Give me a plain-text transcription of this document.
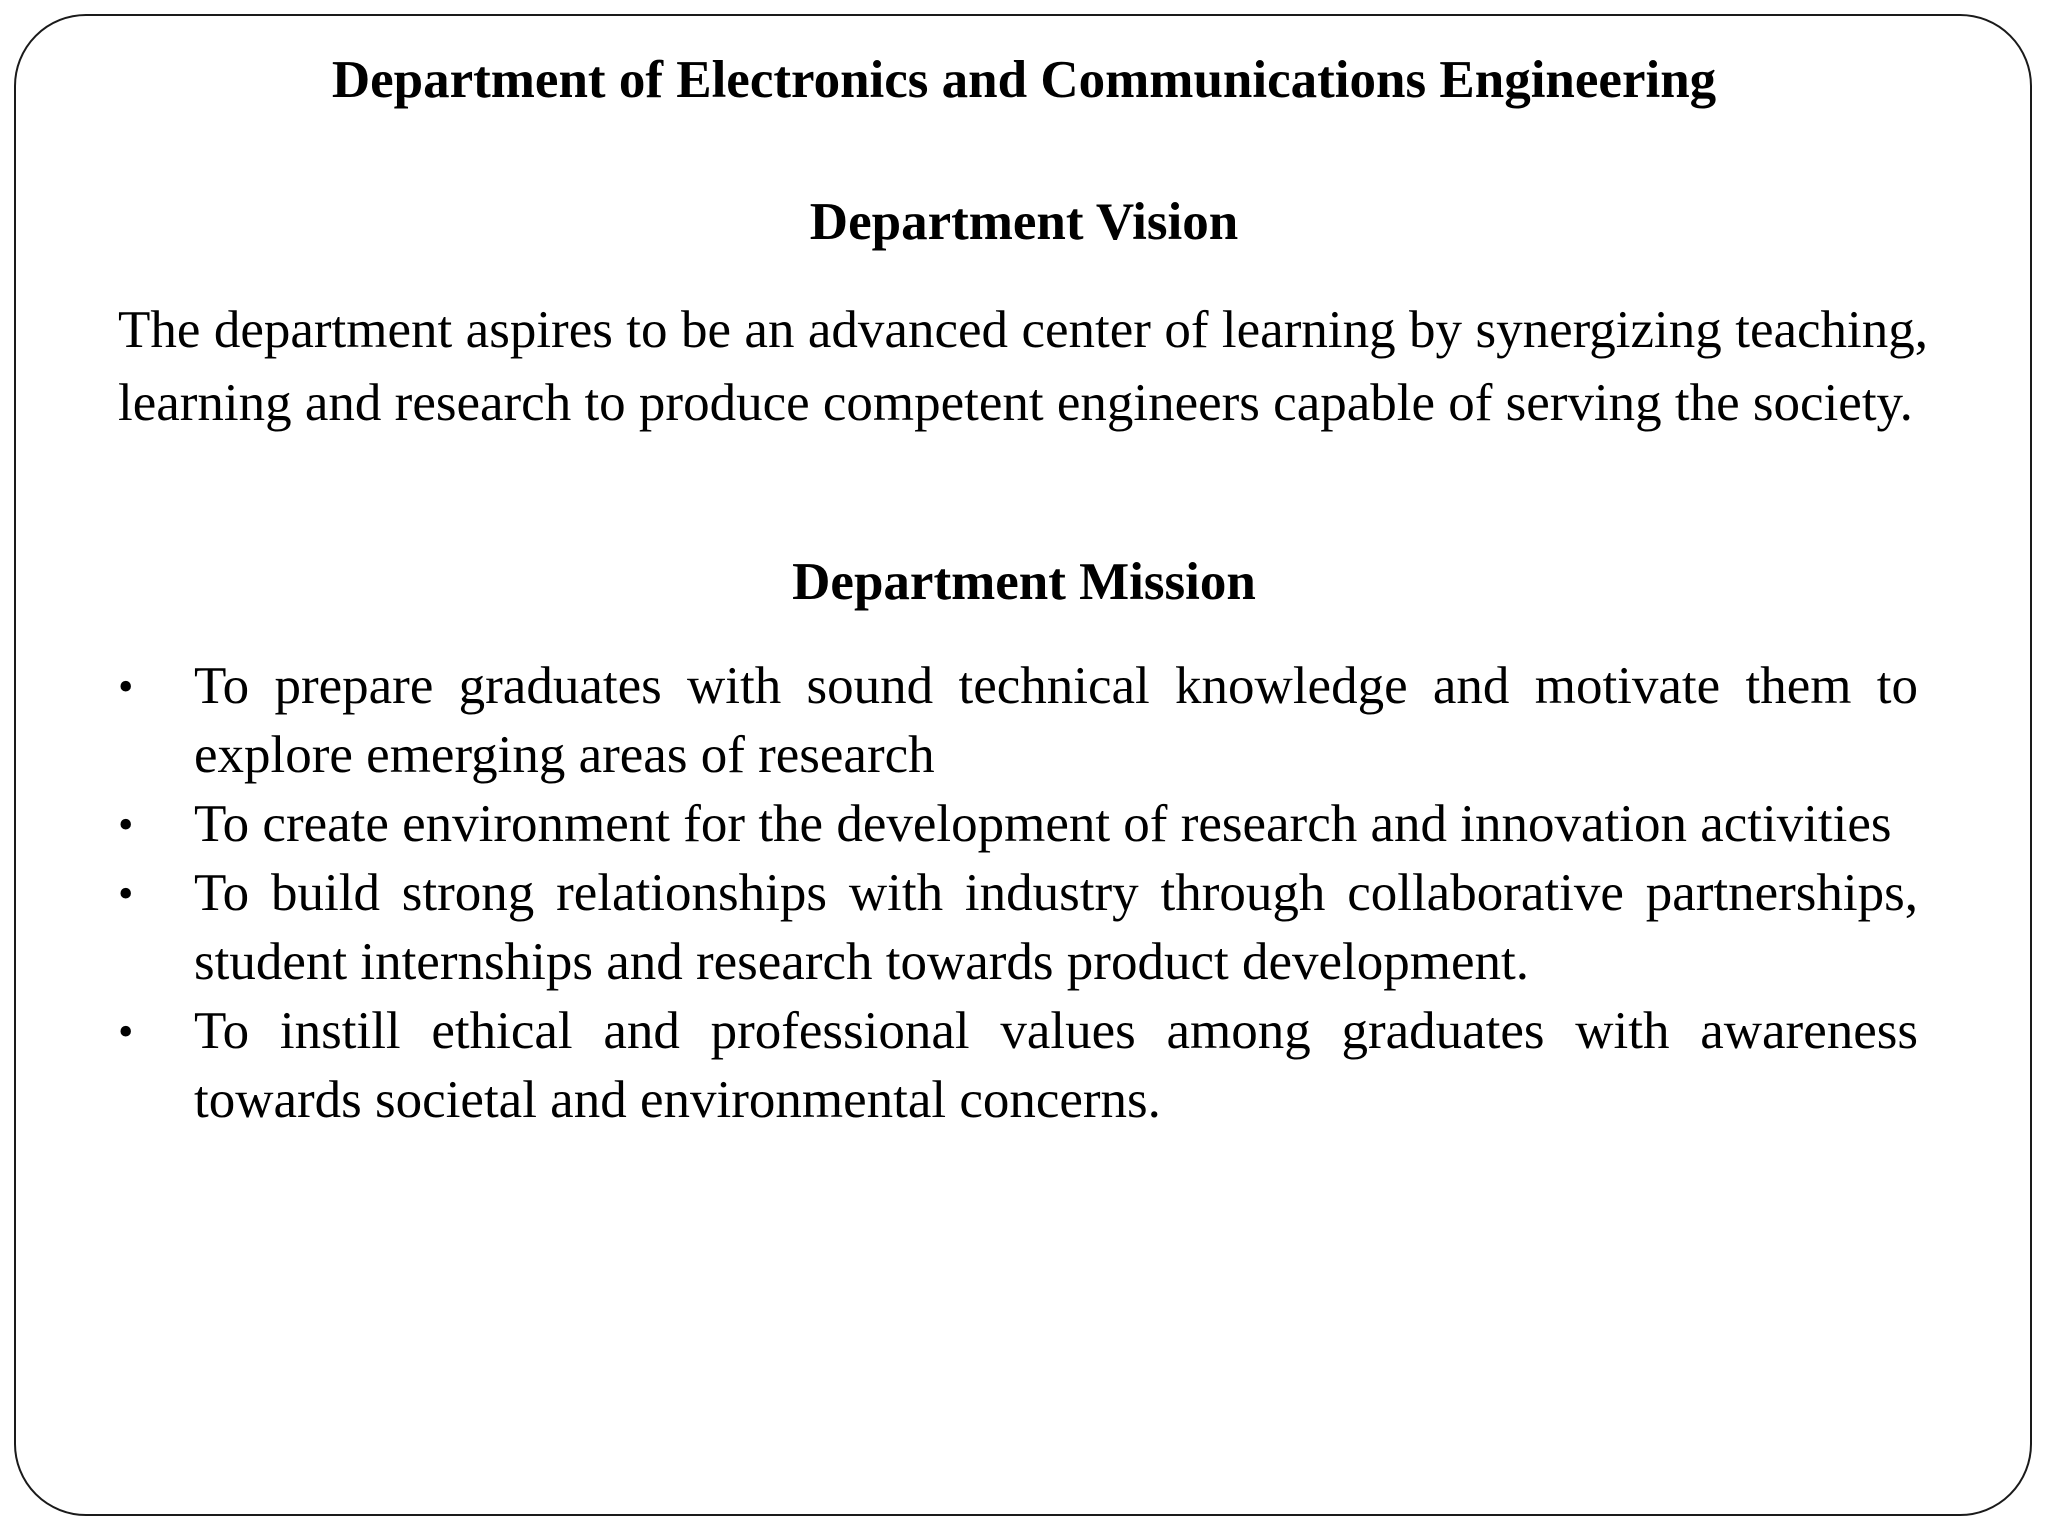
Department of Electronics and Communications Engineering
Department Vision

The department aspires to be an advanced center of learning by synergizing teaching, learning and research to produce competent engineers capable of serving the society.

Department Mission
•	To prepare graduates with sound technical knowledge and motivate them to explore emerging areas of research
•	To create environment for the development of research and innovation activities
•	To build strong relationships with industry through collaborative partnerships, student internships and research towards product development.
•	To instill ethical and professional values among graduates with awareness towards societal and environmental concerns.
